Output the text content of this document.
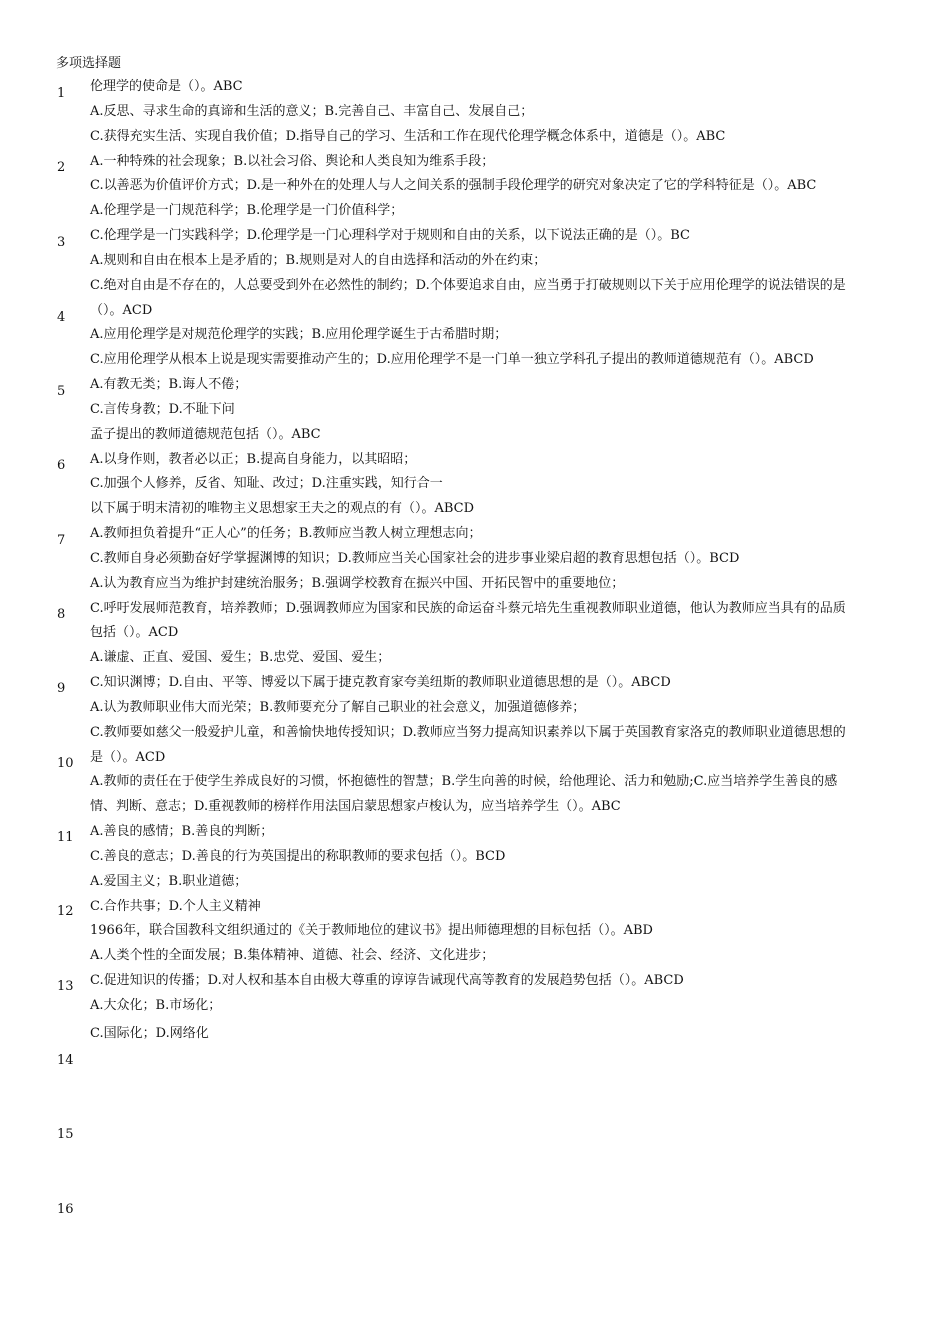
多项选择题
1
2
3
4
5
6
7
8
9
10
11
12
13
14
15
16
伦理学的使命是（）。ABC
A.反思、寻求生命的真谛和生活的意义；B.完善自己、丰富自己、发展自己；
C.获得充实生活、实现自我价值；D.指导自己的学习、生活和工作在现代伦理学概念体系中，道德是（）。ABC
A.一种特殊的社会现象；B.以社会习俗、舆论和人类良知为维系手段；
C.以善恶为价值评价方式；D.是一种外在的处理人与人之间关系的强制手段伦理学的研究对象决定了它的学科特征是（）。ABC
A.伦理学是一门规范科学；B.伦理学是一门价值科学；
C.伦理学是一门实践科学；D.伦理学是一门心理科学对于规则和自由的关系，以下说法正确的是（）。BC
A.规则和自由在根本上是矛盾的；B.规则是对人的自由选择和活动的外在约束；
C.绝对自由是不存在的，人总要受到外在必然性的制约；D.个体要追求自由，应当勇于打破规则以下关于应用伦理学的说法错误的是
（）。ACD
A.应用伦理学是对规范伦理学的实践；B.应用伦理学诞生于古希腊时期；
C.应用伦理学从根本上说是现实需要推动产生的；D.应用伦理学不是一门单一独立学科孔子提出的教师道德规范有（）。ABCD
A.有教无类；B.诲人不倦；
C.言传身教；D.不耻下问
孟子提出的教师道德规范包括（）。ABC
A.以身作则，教者必以正；B.提高自身能力，以其昭昭；
C.加强个人修养，反省、知耻、改过；D.注重实践，知行合一
以下属于明末清初的唯物主义思想家王夫之的观点的有（）。ABCD
A.教师担负着提升“正人心”的任务；B.教师应当教人树立理想志向；
C.教师自身必须勤奋好学掌握渊博的知识；D.教师应当关心国家社会的进步事业梁启超的教育思想包括（）。BCD
A.认为教育应当为维护封建统治服务；B.强调学校教育在振兴中国、开拓民智中的重要地位；
C.呼吁发展师范教育，培养教师；D.强调教师应为国家和民族的命运奋斗蔡元培先生重视教师职业道德，他认为教师应当具有的品质
包括（）。ACD
A.谦虚、正直、爱国、爱生；B.忠党、爱国、爱生；
C.知识渊博；D.自由、平等、博爱以下属于捷克教育家夸美纽斯的教师职业道德思想的是（）。ABCD
A.认为教师职业伟大而光荣；B.教师要充分了解自己职业的社会意义，加强道德修养；
C.教师要如慈父一般爱护儿童，和善愉快地传授知识；D.教师应当努力提高知识素养以下属于英国教育家洛克的教师职业道德思想的
是（）。ACD
A.教师的责任在于使学生养成良好的习惯，怀抱德性的智慧；B.学生向善的时候，给他理论、活力和勉励;C.应当培养学生善良的感
情、判断、意志；D.重视教师的榜样作用法国启蒙思想家卢梭认为，应当培养学生（）。ABC
A.善良的感情；B.善良的判断；
C.善良的意志；D.善良的行为英国提出的称职教师的要求包括（）。BCD
A.爱国主义；B.职业道德；
C.合作共事；D.个人主义精神
1966年，联合国教科文组织通过的《关于教师地位的建议书》提出师德理想的目标包括（）。ABD
A.人类个性的全面发展；B.集体精神、道德、社会、经济、文化进步；
C.促进知识的传播；D.对人权和基本自由极大尊重的谆谆告诫现代高等教育的发展趋势包括（）。ABCD
A.大众化；B.市场化；
C.国际化；D.网络化
